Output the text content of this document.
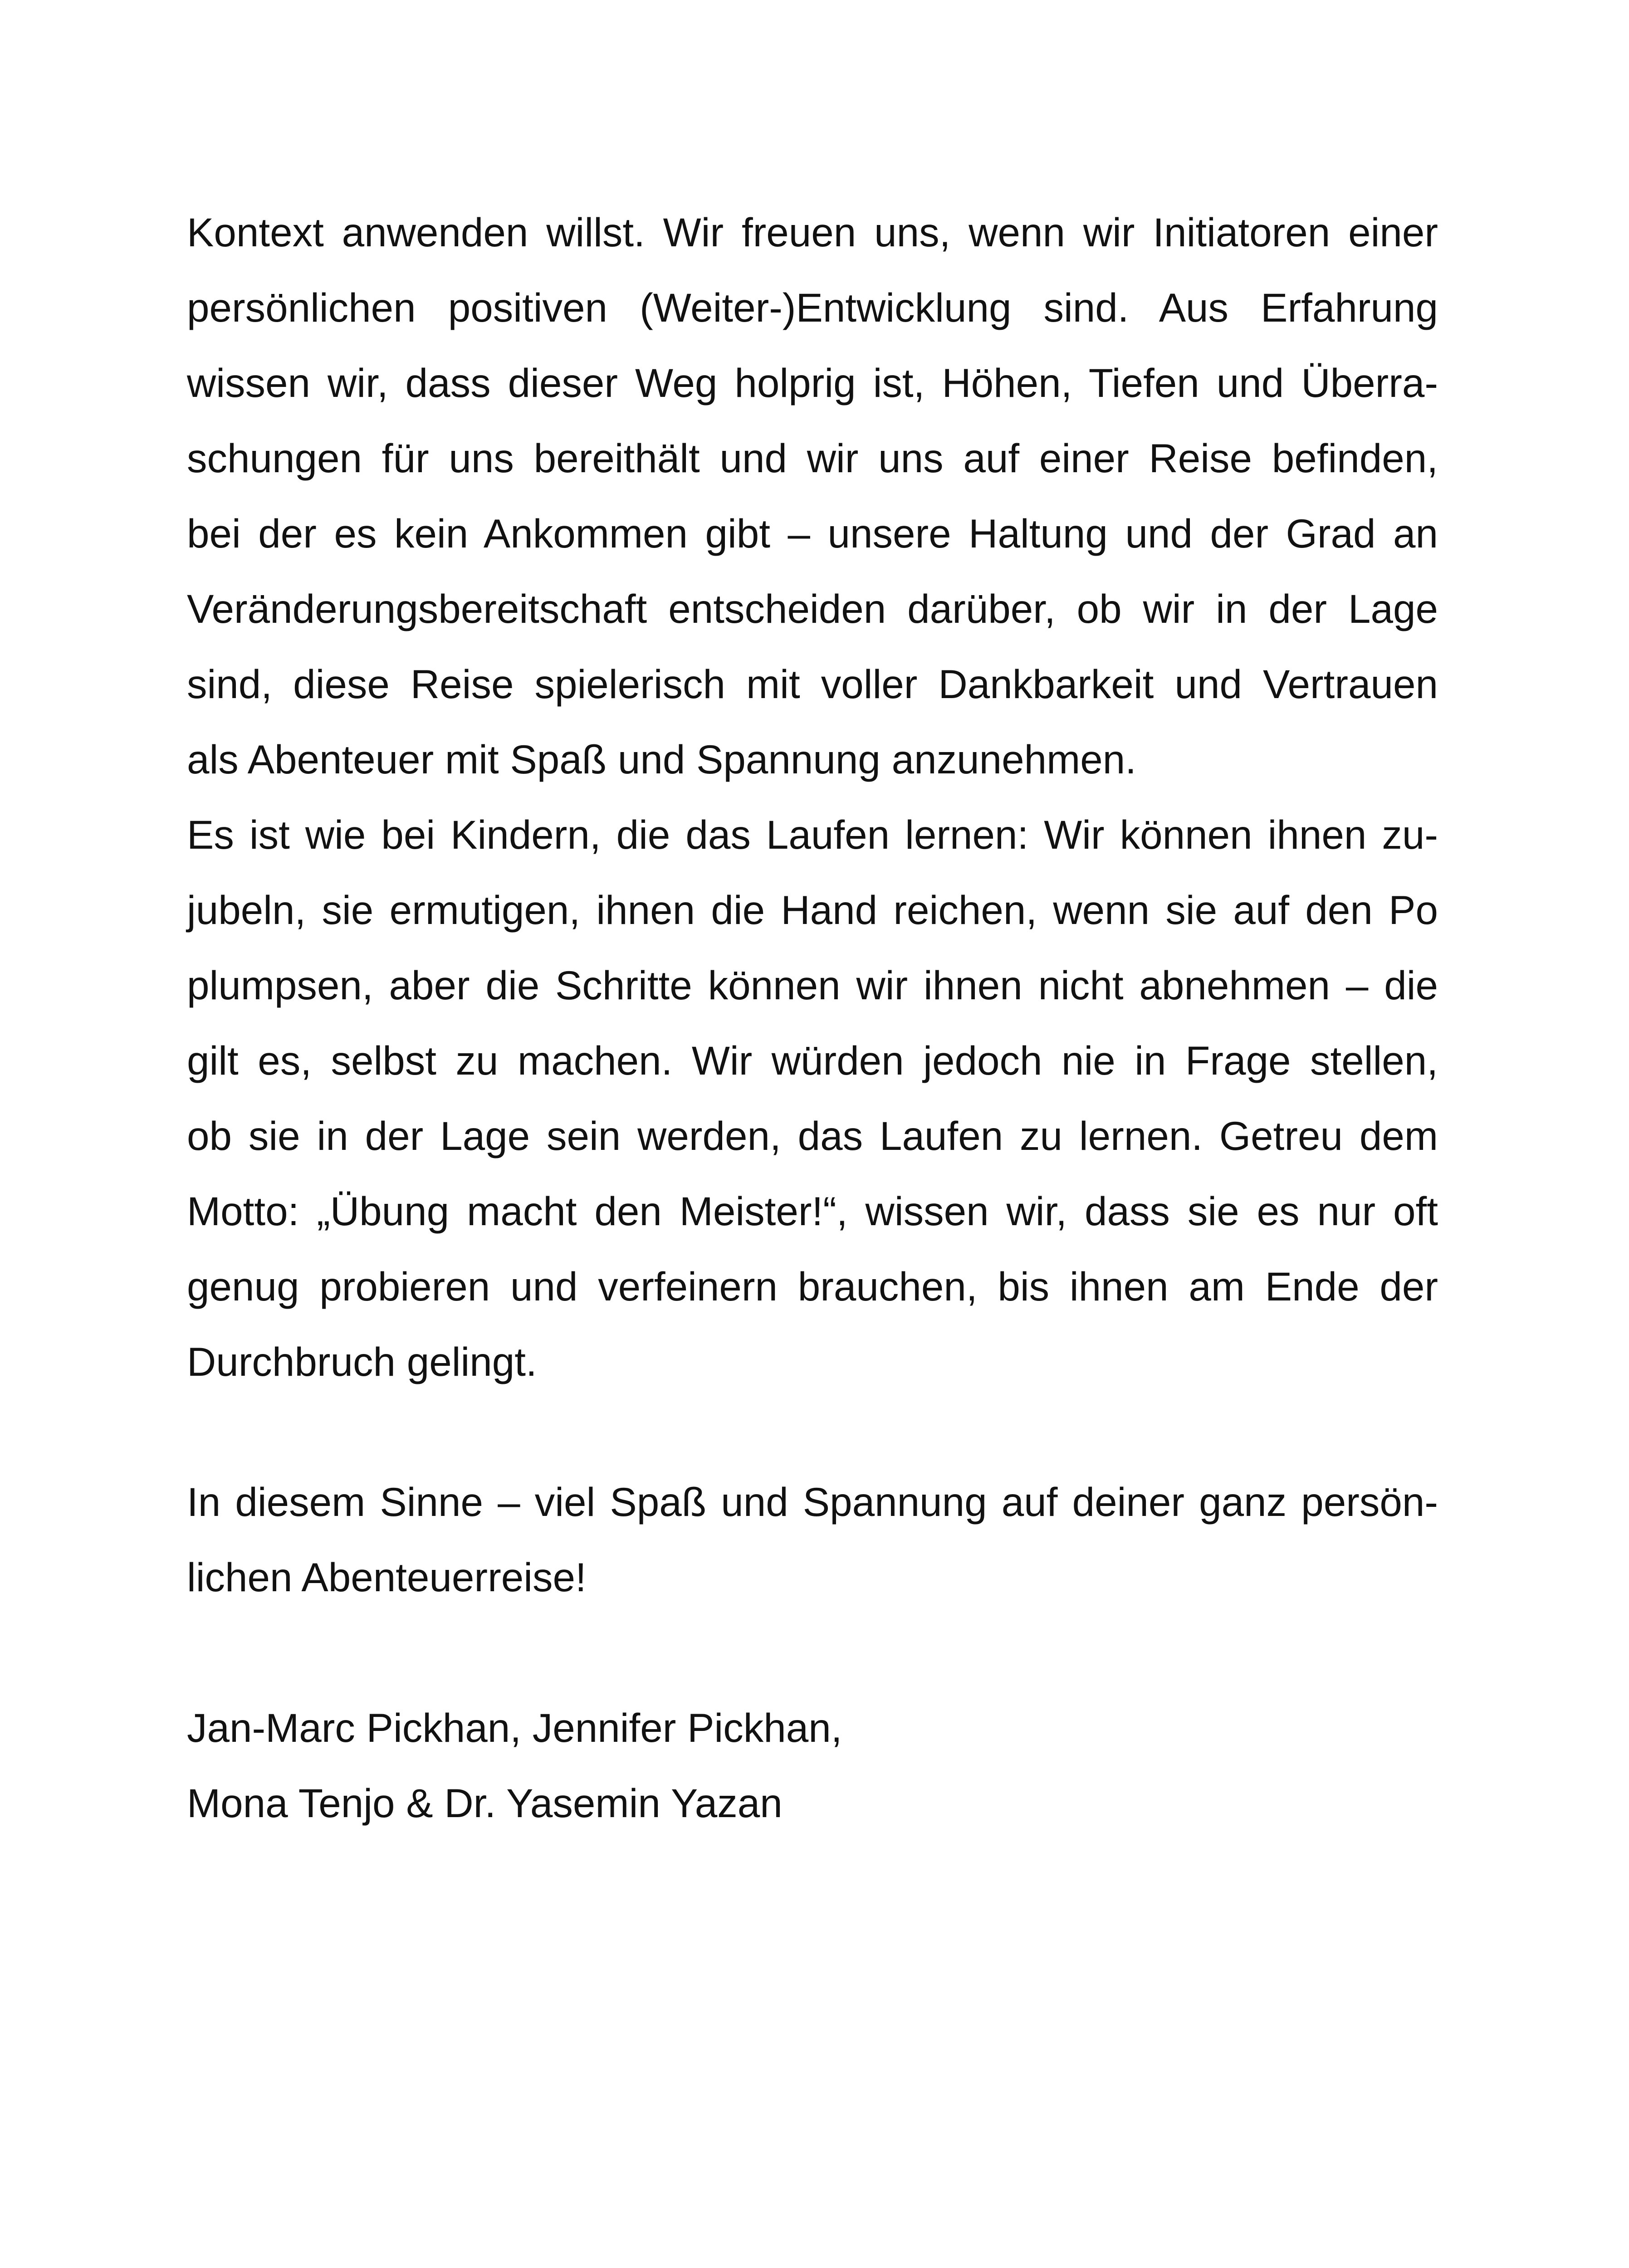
Kontext anwenden willst. Wir freuen uns, wenn wir Initiatoren einer
persönlichen positiven (Weiter-)Entwicklung sind. Aus Erfahrung
wissen wir, dass dieser Weg holprig ist, Höhen, Tiefen und Überra-
schungen für uns bereithält und wir uns auf einer Reise befinden,
bei der es kein Ankommen gibt – unsere Haltung und der Grad an
Veränderungsbereitschaft entscheiden darüber, ob wir in der Lage
sind, diese Reise spielerisch mit voller Dankbarkeit und Vertrauen
als Abenteuer mit Spaß und Spannung anzunehmen.
Es ist wie bei Kindern, die das Laufen lernen: Wir können ihnen zu-
jubeln, sie ermutigen, ihnen die Hand reichen, wenn sie auf den Po
plumpsen, aber die Schritte können wir ihnen nicht abnehmen – die
gilt es, selbst zu machen. Wir würden jedoch nie in Frage stellen,
ob sie in der Lage sein werden, das Laufen zu lernen. Getreu dem
Motto: „Übung macht den Meister!“, wissen wir, dass sie es nur oft
genug probieren und verfeinern brauchen, bis ihnen am Ende der
Durchbruch gelingt.
In diesem Sinne – viel Spaß und Spannung auf deiner ganz persön-
lichen Abenteuerreise!
Jan-Marc Pickhan, Jennifer Pickhan,
Mona Tenjo & Dr. Yasemin Yazan
